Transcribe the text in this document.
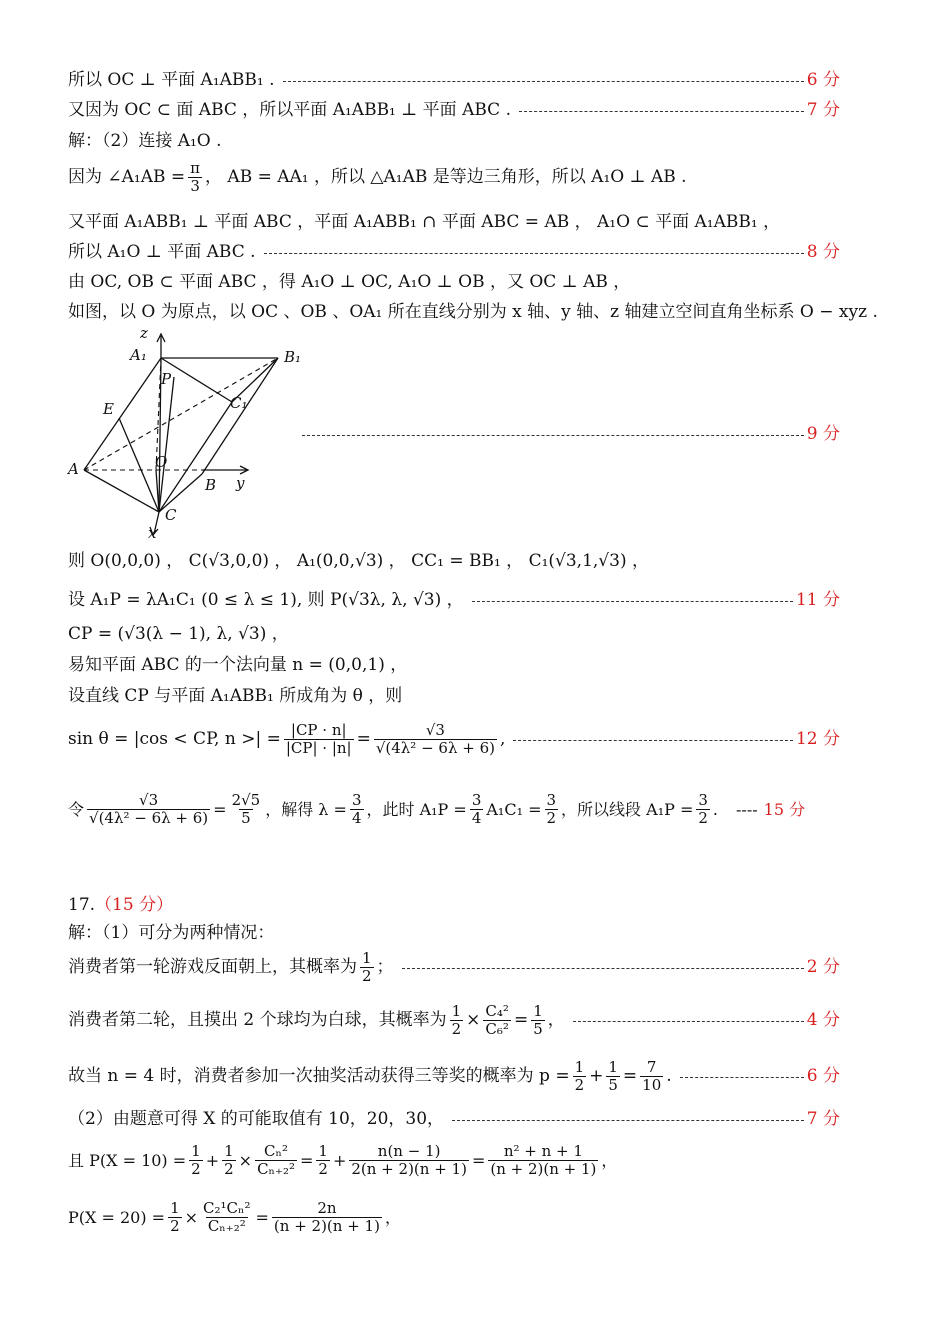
所以 OC ⊥ 平面 A₁ABB₁ .	6 分
又因为 OC ⊂ 面 ABC ，所以平面 A₁ABB₁ ⊥ 平面 ABC .	7 分
解：（2）连接 A₁O .
因为 ∠A₁AB = $\frac{\pi}{3}$ ， AB = AA₁ ，所以 △A₁AB 是等边三角形，所以 A₁O ⊥ AB .
又平面 A₁ABB₁ ⊥ 平面 ABC ，平面 A₁ABB₁ ∩ 平面 ABC = AB ， A₁O ⊂ 平面 A₁ABB₁ ，
所以 A₁O ⊥ 平面 ABC .	8 分
由 OC, OB ⊂ 平面 ABC ，得 A₁O ⊥ OC, A₁O ⊥ OB ，又 OC ⊥ AB ，
如图，以 O 为原点，以 OC 、OB 、OA₁ 所在直线分别为 x 轴、y 轴、z 轴建立空间直角坐标系 O − xyz .
z
A₁	B₁
P
C₁
E
A	O
B y
C
x
9 分
则 O(0,0,0) ， C(√3,0,0) ， A₁(0,0,√3) ， CC₁ = BB₁ ， C₁(√3,1,√3) ，
设 A₁P = λA₁C₁ (0 ≤ λ ≤ 1), 则 P(√3λ, λ, √3) ，	11 分
CP = (√3(λ − 1), λ, √3) ，
易知平面 ABC 的一个法向量 n = (0,0,1) ，
设直线 CP 与平面 A₁ABB₁ 所成角为 θ ，则
sin θ = |cos < CP, n >| = $\frac{|CP \cdot n|}{|CP| \cdot |n|} = \frac{√3}{\text{√(4λ² − 6λ + 6)}}$ ,	12 分
令 $\frac{√3}{\text{√(4λ² − 6λ + 6)}} = \frac{2√5}{5}$ ，解得 $\lambda = \frac{3}{4}$ ，此时 $A_1P = \frac{3}{4} A_1C_1 = \frac{3}{2}$ ，所以线段 $A_1P = \frac{3}{2}$ . ---- 15 分
17. （15 分）
解：（1）可分为两种情况：
消费者第一轮游戏反面朝上，其概率为 $\frac{1}{2}$ ；	2 分
消费者第二轮，且摸出 2 个球均为白球，其概率为 $\frac{1}{2} \times \frac{\text{C₄²}}{\text{C₆²}} = \frac{1}{5}$ ，	4 分
故当 n = 4 时，消费者参加一次抽奖活动获得三等奖的概率为 $p = \frac{1}{2} + \frac{1}{5} = \frac{7}{10}$ .	6 分
（2）由题意可得 X 的可能取值有 10，20，30，	7 分
且 $P(X = 10) = \frac{1}{2} + \frac{1}{2} \times \frac{\text{Cₙ²}}{\text{Cₙ₊₂²}} = \frac{1}{2} + \frac{n(n - 1)}{2(n + 2)(n + 1)} = \frac{\text{n² + n + 1}}{(n + 2)(n + 1)}$ ，
$P(X = 20) = \frac{1}{2} \times \frac{\text{C₂¹Cₙ²}}{\text{Cₙ₊₂²}} = \frac{2n}{(n + 2)(n + 1)}$ ，
